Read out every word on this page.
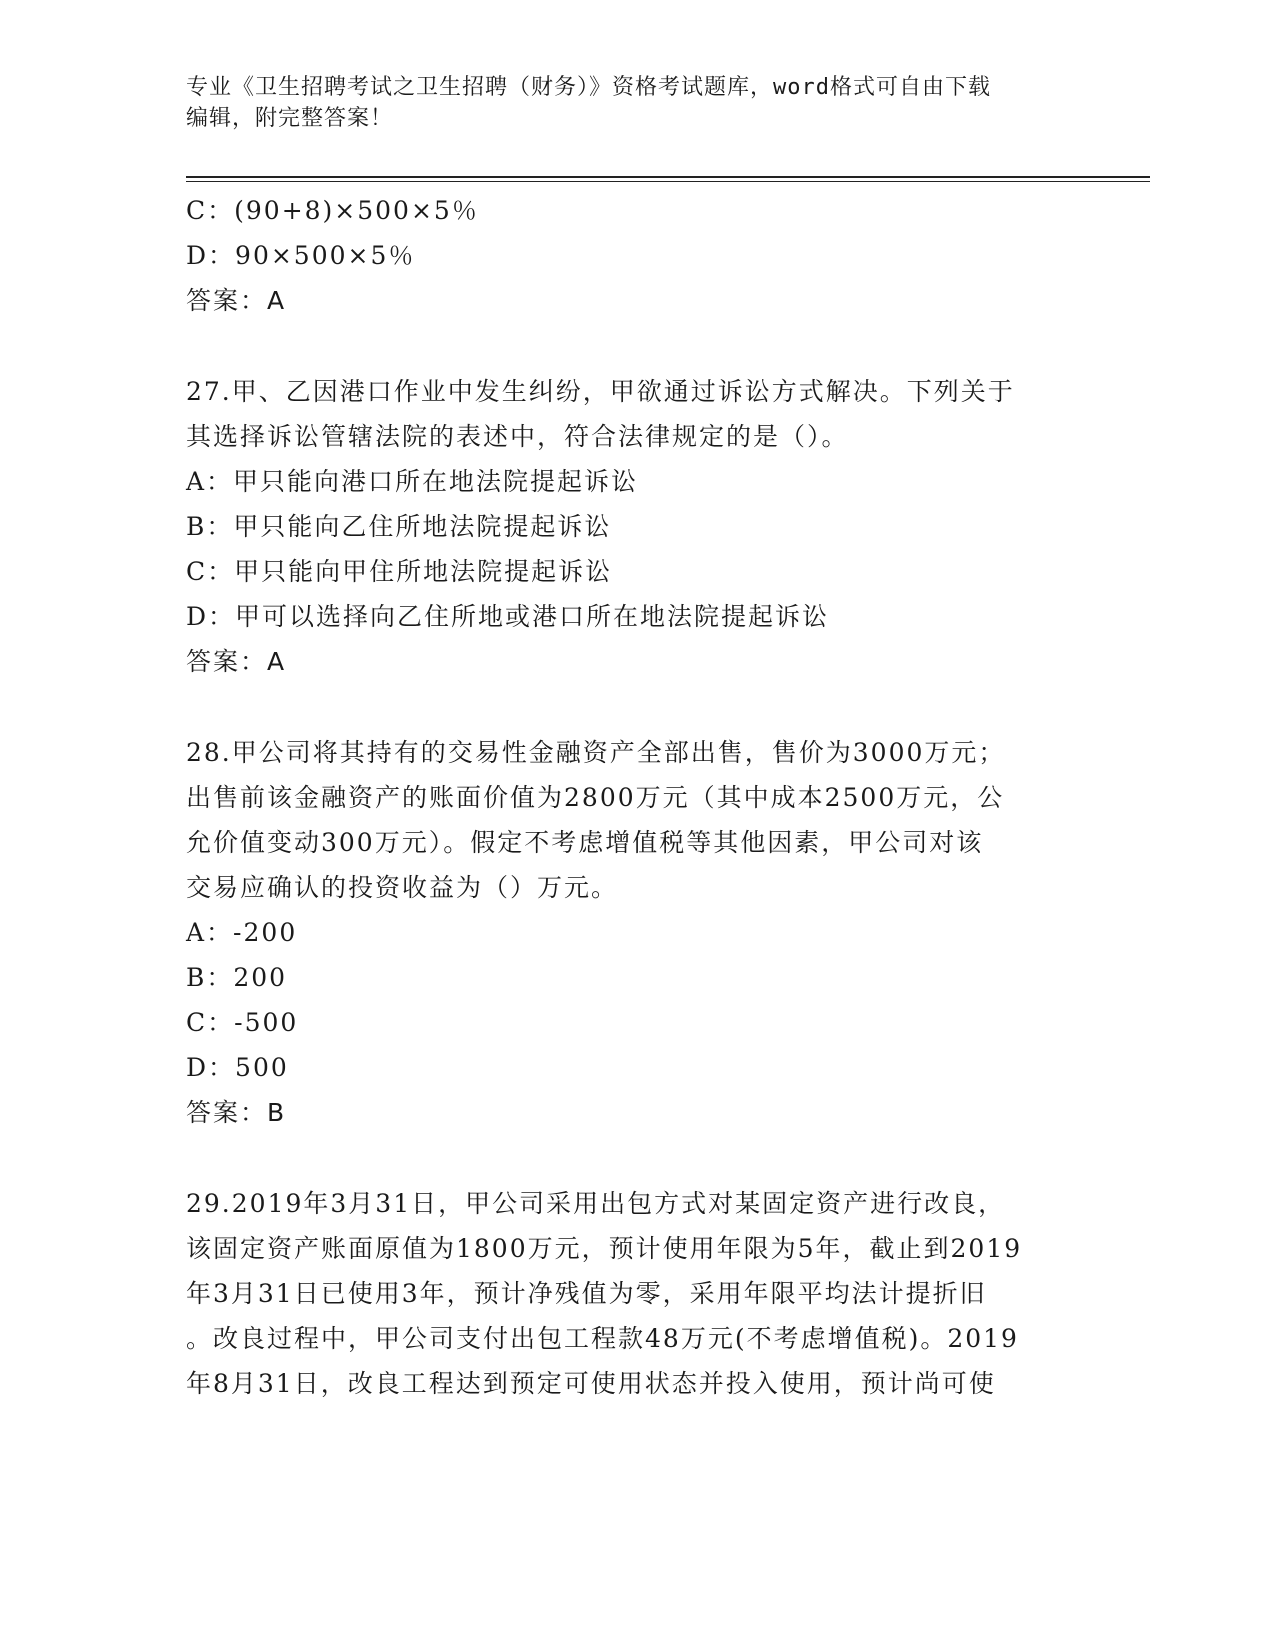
专业《卫生招聘考试之卫生招聘（财务）》资格考试题库，word格式可自由下载
编辑，附完整答案！
C：(90+8)×500×5％
D：90×500×5％
答案：A
27.甲、乙因港口作业中发生纠纷，甲欲通过诉讼方式解决。下列关于
其选择诉讼管辖法院的表述中，符合法律规定的是（）。
A：甲只能向港口所在地法院提起诉讼
B：甲只能向乙住所地法院提起诉讼
C：甲只能向甲住所地法院提起诉讼
D：甲可以选择向乙住所地或港口所在地法院提起诉讼
答案：A
28.甲公司将其持有的交易性金融资产全部出售，售价为3000万元；
出售前该金融资产的账面价值为2800万元（其中成本2500万元，公
允价值变动300万元）。假定不考虑增值税等其他因素，甲公司对该
交易应确认的投资收益为（）万元。
A：-200
B：200
C：-500
D：500
答案：B
29.2019年3月31日，甲公司采用出包方式对某固定资产进行改良，
该固定资产账面原值为1800万元，预计使用年限为5年，截止到2019
年3月31日已使用3年，预计净残值为零，采用年限平均法计提折旧
。改良过程中，甲公司支付出包工程款48万元(不考虑增值税)。2019
年8月31日，改良工程达到预定可使用状态并投入使用，预计尚可使
